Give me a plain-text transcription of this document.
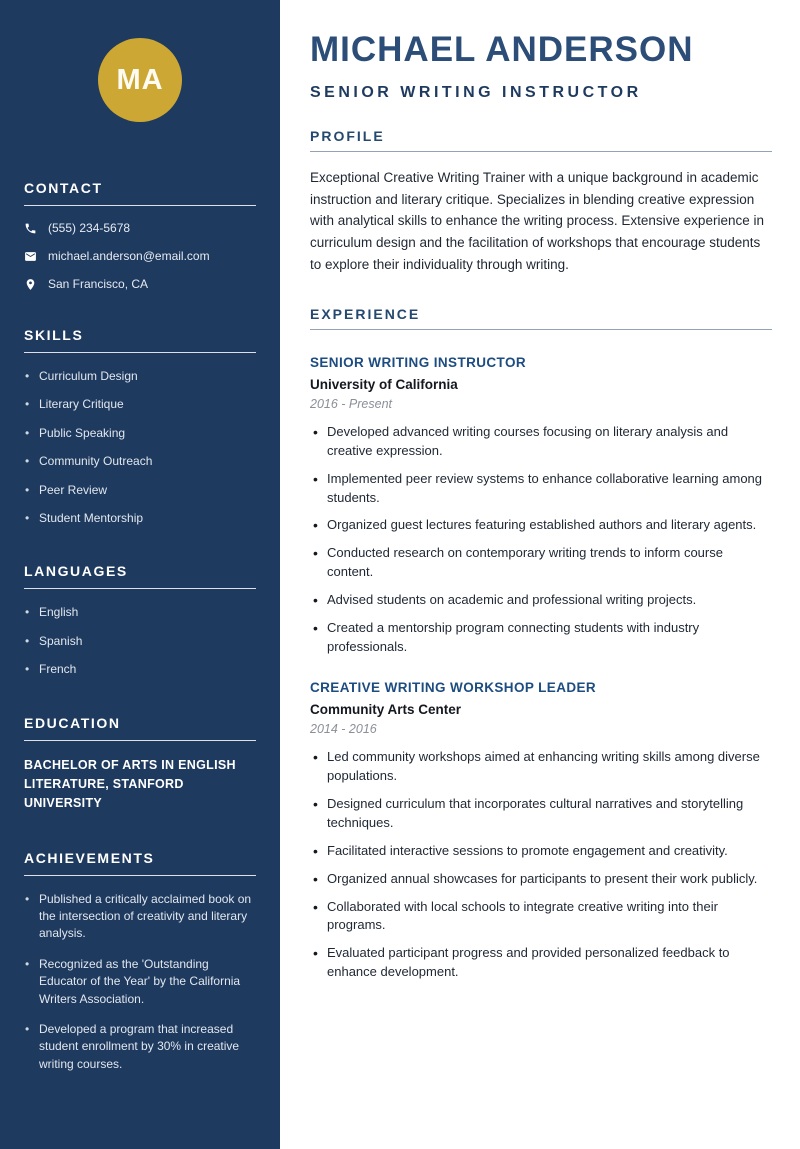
MA
CONTACT
(555) 234-5678
michael.anderson@email.com
San Francisco, CA
SKILLS
• Curriculum Design
• Literary Critique
• Public Speaking
• Community Outreach
• Peer Review
• Student Mentorship
LANGUAGES
• English
• Spanish
• French
EDUCATION
BACHELOR OF ARTS IN ENGLISH LITERATURE, STANFORD UNIVERSITY
ACHIEVEMENTS
• Published a critically acclaimed book on the intersection of creativity and literary analysis.
• Recognized as the 'Outstanding Educator of the Year' by the California Writers Association.
• Developed a program that increased student enrollment by 30% in creative writing courses.
MICHAEL ANDERSON
SENIOR WRITING INSTRUCTOR
PROFILE

Exceptional Creative Writing Trainer with a unique background in academic instruction and literary critique. Specializes in blending creative expression with analytical skills to enhance the writing process. Extensive experience in curriculum design and the facilitation of workshops that encourage students to explore their individuality through writing.

EXPERIENCE
SENIOR WRITING INSTRUCTOR
University of California
2016 - Present
• Developed advanced writing courses focusing on literary analysis and creative expression.
• Implemented peer review systems to enhance collaborative learning among students.
• Organized guest lectures featuring established authors and literary agents.
• Conducted research on contemporary writing trends to inform course content.
• Advised students on academic and professional writing projects.
• Created a mentorship program connecting students with industry professionals.
CREATIVE WRITING WORKSHOP LEADER
Community Arts Center
2014 - 2016
• Led community workshops aimed at enhancing writing skills among diverse populations.
• Designed curriculum that incorporates cultural narratives and storytelling techniques.
• Facilitated interactive sessions to promote engagement and creativity.
• Organized annual showcases for participants to present their work publicly.
• Collaborated with local schools to integrate creative writing into their programs.
• Evaluated participant progress and provided personalized feedback to enhance development.
